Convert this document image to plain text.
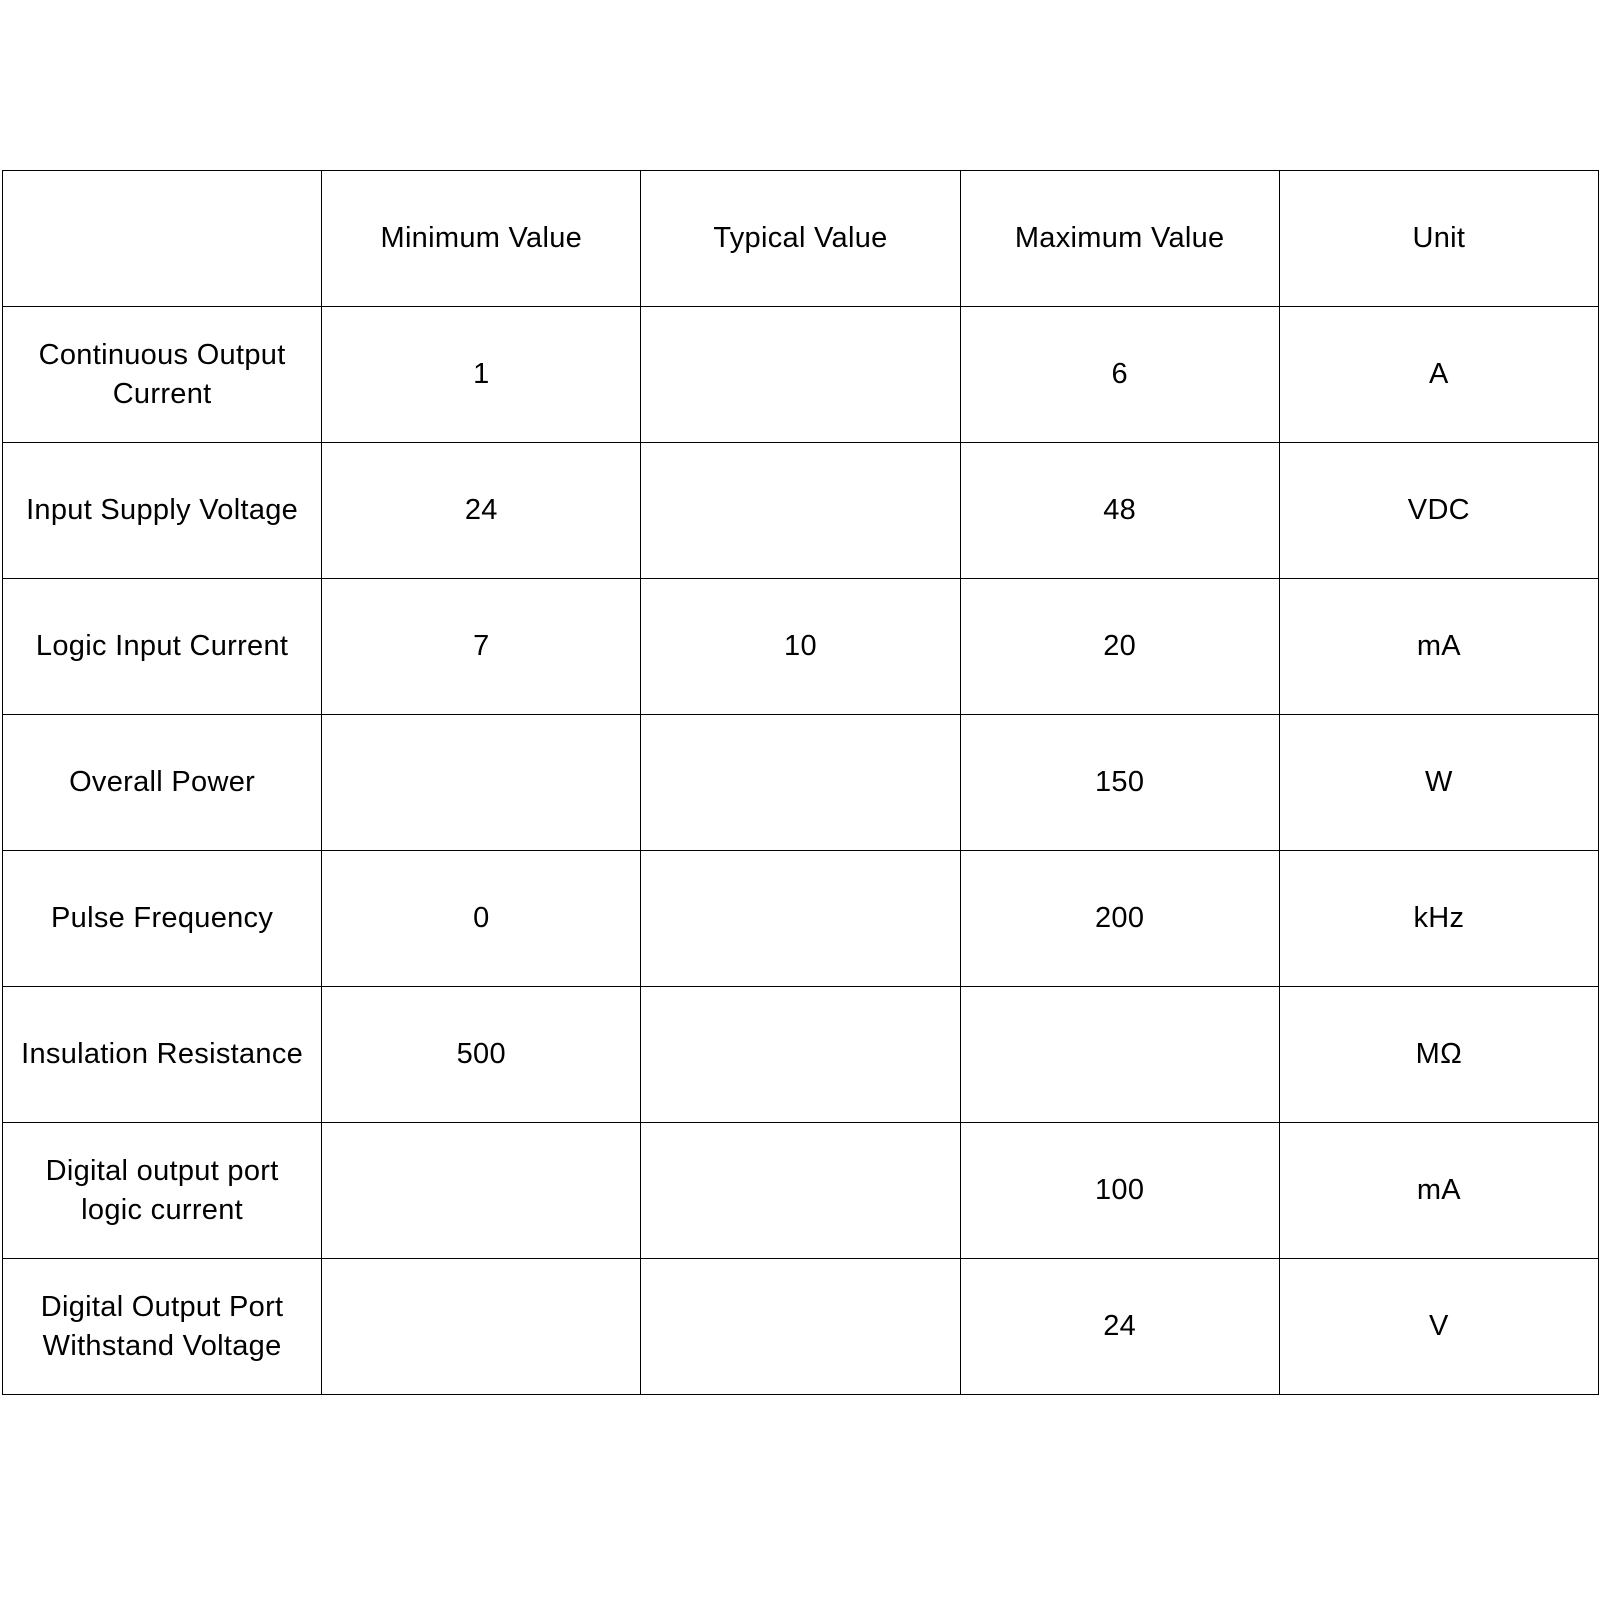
	Minimum Value	Typical Value	Maximum Value	Unit
Continuous Output
Current	1		6	A
Input Supply Voltage	24		48	VDC
Logic Input Current	7	10	20	mA
Overall Power			150	W
Pulse Frequency	0		200	kHz
Insulation Resistance	500			MΩ
Digital output port
logic current			100	mA
Digital Output Port
Withstand Voltage			24	V
